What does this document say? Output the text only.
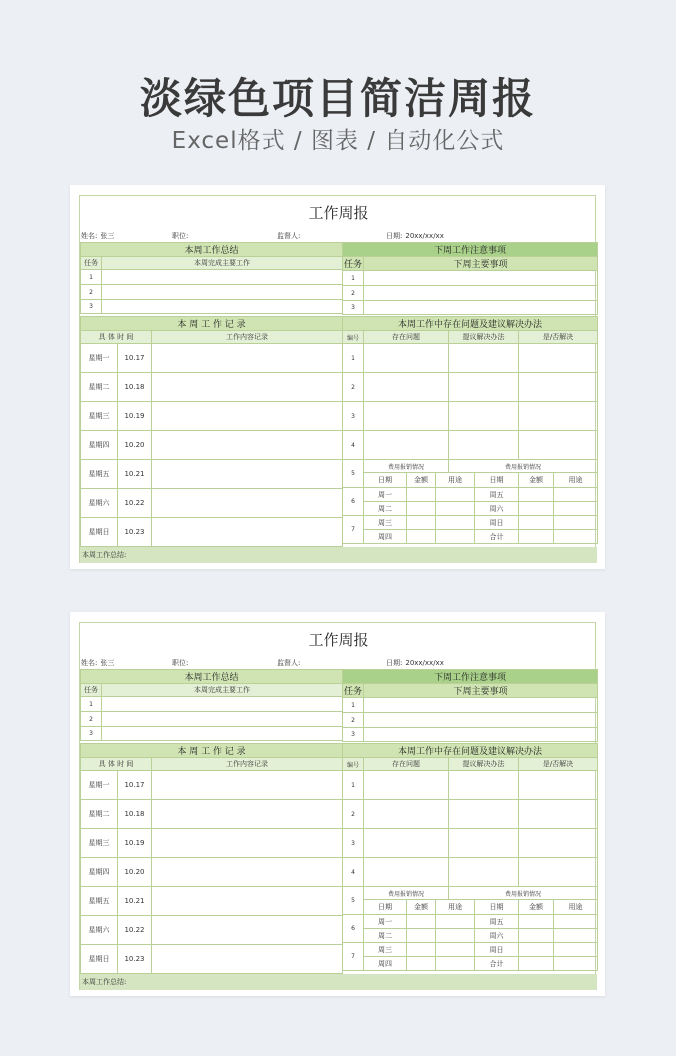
淡绿色项目简洁周报
Excel格式 / 图表 / 自动化公式
工作周报
姓名: 张三	职位:	监督人:	日期: 20xx/xx/xx
本周工作总结	
任务	本周完成主要工作
1	
2	
3	
下周工作注意事项	
任务	下周主要事项
1	
2	
3	
本 周 工 作 记 录		
具 体 时 间		工作内容记录
星期一	10.17	
星期二	10.18	
星期三	10.19	
星期四	10.20	
星期五	10.21	
星期六	10.22	
星期日	10.23	
本周工作中存在问题及建议解决办法								
编号	存在问题			提议解决办法		是/否解决		
1								
2								
3								
4								
5	费用报销情况			费用报销情况				
	日期	金额	用途		日期	金额	用途	
6	周一				周五			
	周二				周六			
7	周三				周日			
	周四				合计			
本周工作总结:
工作周报
姓名: 张三	职位:	监督人:	日期: 20xx/xx/xx
本周工作总结	
任务	本周完成主要工作
1	
2	
3	
下周工作注意事项	
任务	下周主要事项
1	
2	
3	
本 周 工 作 记 录		
具 体 时 间		工作内容记录
星期一	10.17	
星期二	10.18	
星期三	10.19	
星期四	10.20	
星期五	10.21	
星期六	10.22	
星期日	10.23	
本周工作中存在问题及建议解决办法								
编号	存在问题			提议解决办法		是/否解决		
1								
2								
3								
4								
5	费用报销情况			费用报销情况				
	日期	金额	用途		日期	金额	用途	
6	周一				周五			
	周二				周六			
7	周三				周日			
	周四				合计			
本周工作总结:
